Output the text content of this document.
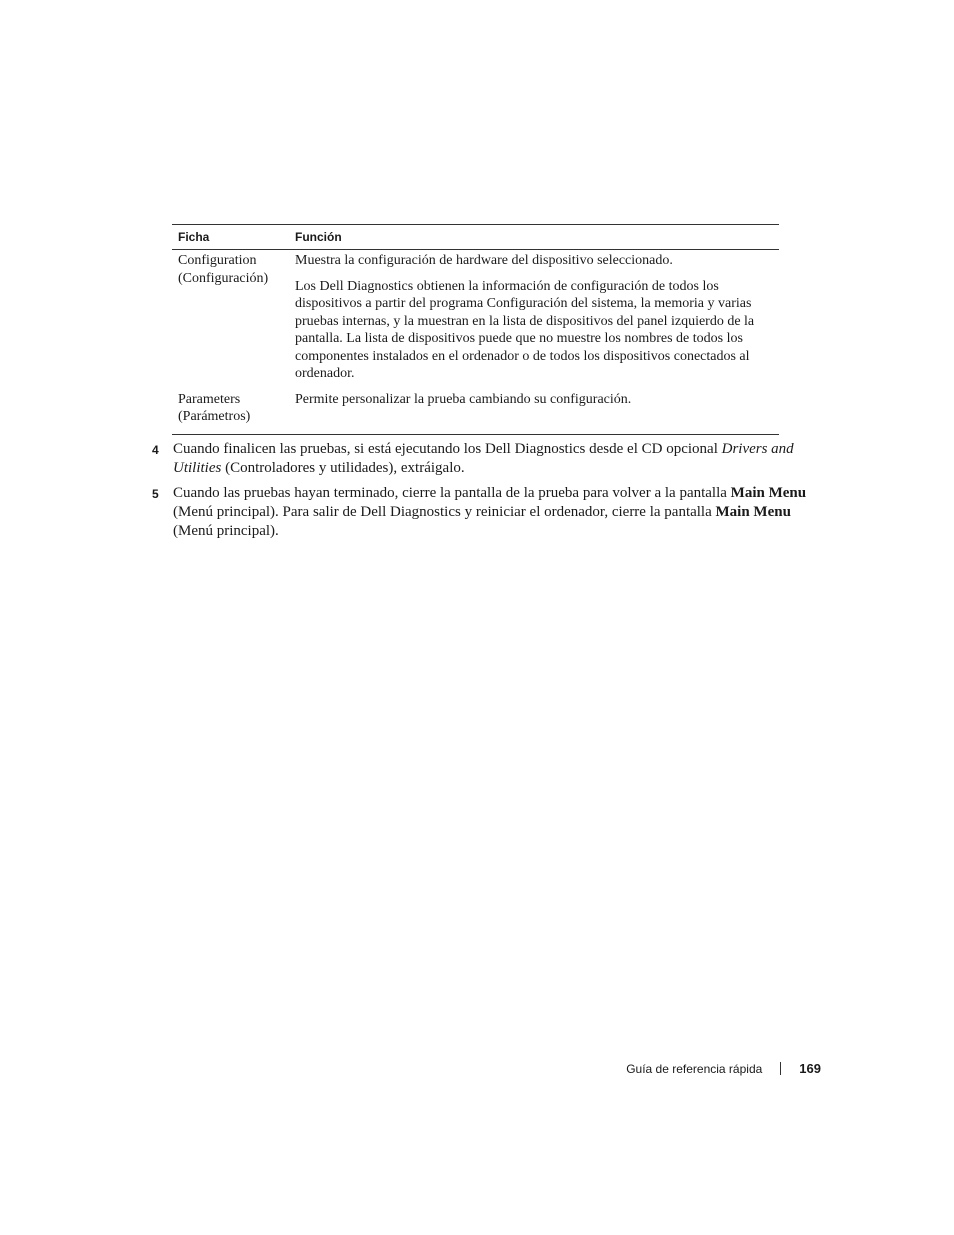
Ficha	Función
Configuration
(Configuración)

Muestra la configuración de hardware del dispositivo seleccionado.

Los Dell Diagnostics obtienen la información de configuración de todos los dispositivos a partir del programa Configuración del sistema, la memoria y varias pruebas internas, y la muestran en la lista de dispositivos del panel izquierdo de la pantalla. La lista de dispositivos puede que no muestre los nombres de todos los componentes instalados en el ordenador o de todos los dispositivos conectados al ordenador.

Parameters
(Parámetros)

Permite personalizar la prueba cambiando su configuración.

4 Cuando finalicen las pruebas, si está ejecutando los Dell Diagnostics desde el CD opcional Drivers and Utilities (Controladores y utilidades), extráigalo.
5 Cuando las pruebas hayan terminado, cierre la pantalla de la prueba para volver a la pantalla Main Menu (Menú principal). Para salir de Dell Diagnostics y reiniciar el ordenador, cierre la pantalla Main Menu (Menú principal).
Guía de referencia rápida	169
